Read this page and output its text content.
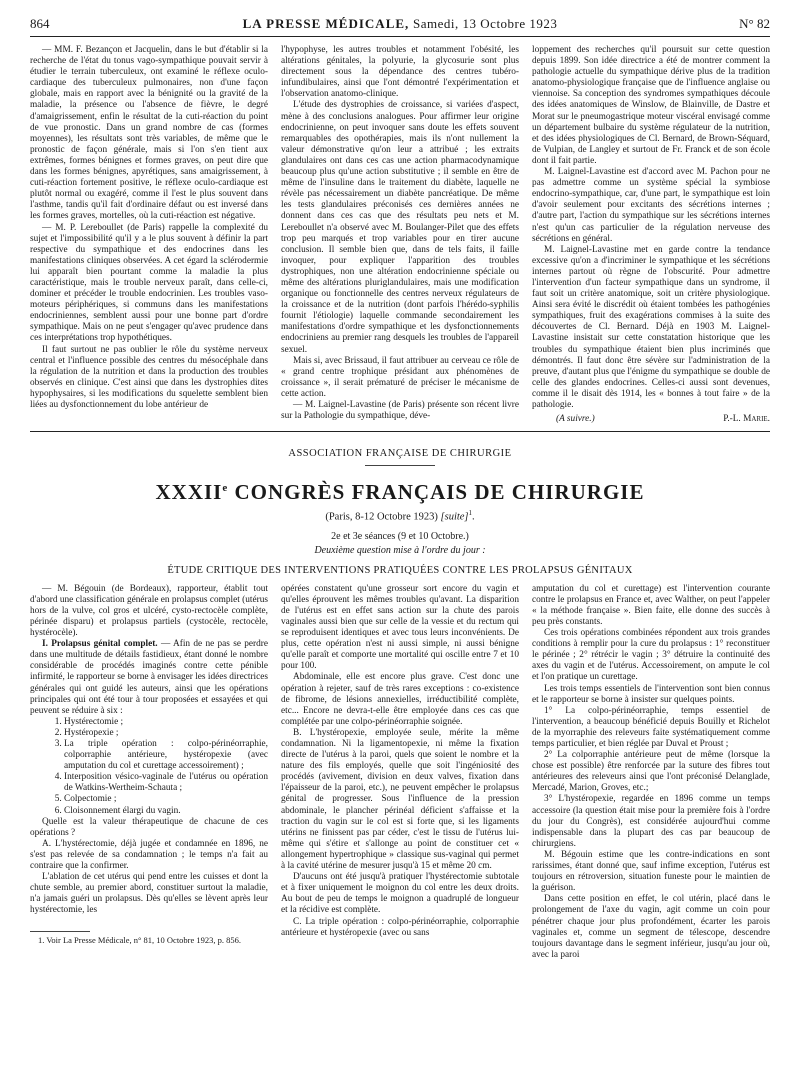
864	LA PRESSE MÉDICALE, Samedi, 13 Octobre 1923	N° 82

— MM. F. Bezançon et Jacquelin, dans le but d'établir si la recherche de l'état du tonus vago-sympathique pouvait servir à étudier le terrain tuberculeux, ont examiné le réflexe oculo-cardiaque des tuberculeux pulmonaires, non d'une façon globale, mais en rapport avec la bénignité ou la gravité de la maladie, la présence ou l'absence de fièvre, le degré d'amaigrissement, enfin le résultat de la cuti-réaction du point de vue pronostic. Dans un grand nombre de cas (formes moyennes), les résultats sont très variables, de même que le pronostic de façon générale, mais si l'on s'en tient aux extrêmes, formes bénignes et formes graves, on peut dire que dans les formes bénignes, apyrétiques, sans amaigrissement, à cuti-réaction fortement positive, le réflexe oculo-cardiaque est plutôt normal ou exagéré, comme il l'est le plus souvent dans l'asthme, tandis qu'il fait d'ordinaire défaut ou est inversé dans les formes graves, mortelles, où la cuti-réaction est négative.

— M. P. Lereboullet (de Paris) rappelle la complexité du sujet et l'impossibilité qu'il y a le plus souvent à définir la part respective du sympathique et des endocrines dans les manifestations cliniques observées. A cet égard la sclérodermie lui apparaît bien pourtant comme la maladie la plus caractéristique, mais le trouble nerveux paraît, dans celle-ci, dominer et précéder le trouble endocrinien. Les troubles vaso-moteurs périphériques, si communs dans les manifestations endocriniennes, semblent aussi pour une bonne part d'ordre sympathique. Mais on ne peut s'engager qu'avec prudence dans ces interprétations trop hypothétiques.

Il faut surtout ne pas oublier le rôle du système nerveux central et l'influence possible des centres du mésocéphale dans la régulation de la nutrition et dans la production des troubles observés en clinique. C'est ainsi que dans les dystrophies dites hypophysaires, si les modifications du squelette semblent bien liées au dysfonctionnement du lobe antérieur de

l'hypophyse, les autres troubles et notamment l'obésité, les altérations génitales, la polyurie, la glycosurie sont plus directement sous la dépendance des centres tubéro-infundibulaires, ainsi que l'ont démontré l'expérimentation et l'observation anatomo-clinique.

L'étude des dystrophies de croissance, si variées d'aspect, mène à des conclusions analogues. Pour affirmer leur origine endocrinienne, on peut invoquer sans doute les effets souvent remarquables des opothérapies, mais ils n'ont nullement la valeur démonstrative qu'on leur a attribué ; les extraits glandulaires ont dans ces cas une action pharmacodynamique beaucoup plus qu'une action substitutive ; il semble en être de même de l'insuline dans le traitement du diabète, laquelle ne révèle pas nécessairement un diabète pancréatique. De même les tests glandulaires préconisés ces dernières années ne donnent dans ces cas que des résultats peu nets et M. Lereboullet n'a observé avec M. Boulanger-Pilet que des effets trop peu marqués et trop variables pour en tirer aucune conclusion. Il semble bien que, dans de tels faits, il faille invoquer, pour expliquer l'apparition des troubles dystrophiques, non une altération endocrinienne spéciale ou même des altérations pluriglandulaires, mais une modification organique ou fonctionnelle des centres nerveux régulateurs de la croissance et de la nutrition (dont parfois l'hérédo-syphilis fournit l'étiologie) laquelle commande secondairement les manifestations d'ordre sympathique et les dysfonctionnements endocriniens au premier rang desquels les troubles de l'appareil sexuel.

Mais si, avec Brissaud, il faut attribuer au cerveau ce rôle de « grand centre trophique présidant aux phénomènes de croissance », il serait prématuré de préciser le mécanisme de cette action.

— M. Laignel-Lavastine (de Paris) présente son récent livre sur la Pathologie du sympathique, déve-

loppement des recherches qu'il poursuit sur cette question depuis 1899. Son idée directrice a été de montrer comment la pathologie actuelle du sympathique dérive plus de la tradition anatomo-physiologique française que de l'influence anglaise ou viennoise. Sa conception des syndromes sympathiques découle des idées anatomiques de Winslow, de Blainville, de Dastre et Morat sur le pneumogastrique moteur viscéral envisagé comme un département bulbaire du système régulateur de la nutrition, et des idées physiologiques de Cl. Bernard, de Brown-Séquard, de Vulpian, de Langley et surtout de Fr. Franck et de son école dont il fait partie.

M. Laignel-Lavastine est d'accord avec M. Pachon pour ne pas admettre comme un système spécial la symbiose endocrino-sympathique, car, d'une part, le sympathique est loin d'avoir seulement pour excitants des sécrétions internes ; d'autre part, l'action du sympathique sur les sécrétions internes n'est qu'un cas particulier de la régulation nerveuse des sécrétions en général.

M. Laignel-Lavastine met en garde contre la tendance excessive qu'on a d'incriminer le sympathique et les sécrétions internes partout où règne de l'obscurité. Pour admettre l'intervention d'un facteur sympathique dans un syndrome, il faut soit un critère anatomique, soit un critère physiologique. Ainsi sera évité le discrédit où étaient tombées les pathogénies sympathiques, fruit des exagérations commises à la suite des découvertes de Cl. Bernard. Déjà en 1903 M. Laignel-Lavastine insistait sur cette constatation historique que les troubles du sympathique étaient bien plus incriminés que démontrés. Il faut donc être sévère sur l'administration de la preuve, d'autant plus que l'énigme du sympathique se double de celle des glandes endocrines. Celles-ci aussi sont devenues, comme il le disait dès 1914, les « bonnes à tout faire » de la pathologie.

(A suivre.)	P.-L. Marie.

ASSOCIATION FRANÇAISE DE CHIRURGIE
XXXIIe CONGRÈS FRANÇAIS DE CHIRURGIE
(Paris, 8-12 Octobre 1923) [suite]$^1$.
2e et 3e séances (9 et 10 Octobre.)
Deuxième question mise à l'ordre du jour :
ÉTUDE CRITIQUE DES INTERVENTIONS PRATIQUÉES CONTRE LES PROLAPSUS GÉNITAUX

— M. Bégouin (de Bordeaux), rapporteur, établit tout d'abord une classification générale en prolapsus complet (utérus hors de la vulve, col gros et ulcéré, cysto-rectocèle complète, périnée disparu) et prolapsus partiels (cystocèle, rectocèle, hystérocèle).

I. Prolapsus génital complet. — Afin de ne pas se perdre dans une multitude de détails fastidieux, étant donné le nombre considérable de procédés imaginés contre cette pénible infirmité, le rapporteur se borne à envisager les idées directrices générales qui ont guidé les auteurs, ainsi que les opérations principales qui ont été tour à tour proposées et essayées et qui peuvent se réduire à six :

1. Hystérectomie ;
2. Hystéropexie ;
3. La triple opération : colpo-périnéorraphie, colporraphie antérieure, hystéropexie (avec amputation du col et curettage accessoirement) ;
4. Interposition vésico-vaginale de l'utérus ou opération de Watkins-Wertheim-Schauta ;
5. Colpectomie ;
6. Cloisonnement élargi du vagin.

Quelle est la valeur thérapeutique de chacune de ces opérations ?

A. L'hystérectomie, déjà jugée et condamnée en 1896, ne s'est pas relevée de sa condamnation ; le temps n'a fait au contraire que la confirmer.

L'ablation de cet utérus qui pend entre les cuisses et dont la chute semble, au premier abord, constituer surtout la maladie, n'a jamais guéri un prolapsus. Dès qu'elles se lèvent après leur hystérectomie, les

1. Voir La Presse Médicale, n° 81, 10 Octobre 1923, p. 856.

opérées constatent qu'une grosseur sort encore du vagin et qu'elles éprouvent les mêmes troubles qu'avant. La disparition de l'utérus est en effet sans action sur la chute des parois vaginales aussi bien que sur celle de la vessie et du rectum qui se reproduisent identiques et avec tous leurs inconvénients. De plus, cette opération n'est ni aussi simple, ni aussi bénigne qu'elle paraît et comporte une mortalité qui oscille entre 7 et 10 pour 100.

Abdominale, elle est encore plus grave. C'est donc une opération à rejeter, sauf de très rares exceptions : co-existence de fibrome, de lésions annexielles, irréductibilité complète, etc... Encore ne devra-t-elle être employée dans ces cas que complétée par une colpo-périnéorraphie soignée.

B. L'hystéropexie, employée seule, mérite la même condamnation. Ni la ligamentopexie, ni même la fixation directe de l'utérus à la paroi, quels que soient le nombre et la nature des fils employés, quelle que soit l'ingéniosité des procédés (avivement, division en deux valves, fixation dans l'épaisseur de la paroi, etc.), ne peuvent empêcher le prolapsus génital de progresser. Sous l'influence de la pression abdominale, le plancher périnéal déficient s'affaisse et la traction du vagin sur le col est si forte que, si les ligaments utérins ne finissent pas par céder, c'est le tissu de l'utérus lui-même qui s'étire et s'allonge au point de constituer cet « allongement hypertrophique » classique sus-vaginal qui permet à la cavité utérine de mesurer jusqu'à 15 et même 20 cm.

D'aucuns ont été jusqu'à pratiquer l'hystérectomie subtotale et à fixer uniquement le moignon du col entre les deux droits. Au bout de peu de temps le moignon a quadruplé de longueur et la récidive est complète.

C. La triple opération : colpo-périnéorraphie, colporraphie antérieure et hystéropexie (avec ou sans

amputation du col et curettage) est l'intervention courante contre le prolapsus en France et, avec Walther, on peut l'appeler « la méthode française ». Bien faite, elle donne des succès à peu près constants.

Ces trois opérations combinées répondent aux trois grandes conditions à remplir pour la cure du prolapsus : 1° reconstituer le périnée ; 2° rétrécir le vagin ; 3° détruire la continuité des axes du vagin et de l'utérus. Accessoirement, on ampute le col et l'on pratique un curettage.

Les trois temps essentiels de l'intervention sont bien connus et le rapporteur se borne à insister sur quelques points.

1° La colpo-périnéorraphie, temps essentiel de l'intervention, a beaucoup bénéficié depuis Bouilly et Richelot de la myorraphie des releveurs faite systématiquement comme temps particulier, et bien réglée par Duval et Proust ;

2° La colporraphie antérieure peut de même (lorsque la chose est possible) être renforcée par la suture des fibres tout antérieures des releveurs ainsi que l'ont préconisé Delanglade, Mercadé, Marion, Groves, etc.;

3° L'hystéropexie, regardée en 1896 comme un temps accessoire (la question était mise pour la première fois à l'ordre du jour du Congrès), est considérée aujourd'hui comme indispensable dans la plupart des cas par beaucoup de chirurgiens.

M. Bégouin estime que les contre-indications en sont rarissimes, étant donné que, sauf infime exception, l'utérus est toujours en rétroversion, situation funeste pour le maintien de la guérison.

Dans cette position en effet, le col utérin, placé dans le prolongement de l'axe du vagin, agit comme un coin pour pénétrer chaque jour plus profondément, écarter les parois vaginales et, comme un segment de télescope, descendre toujours davantage dans le segment inférieur, jusqu'au jour où, avec la paroi
